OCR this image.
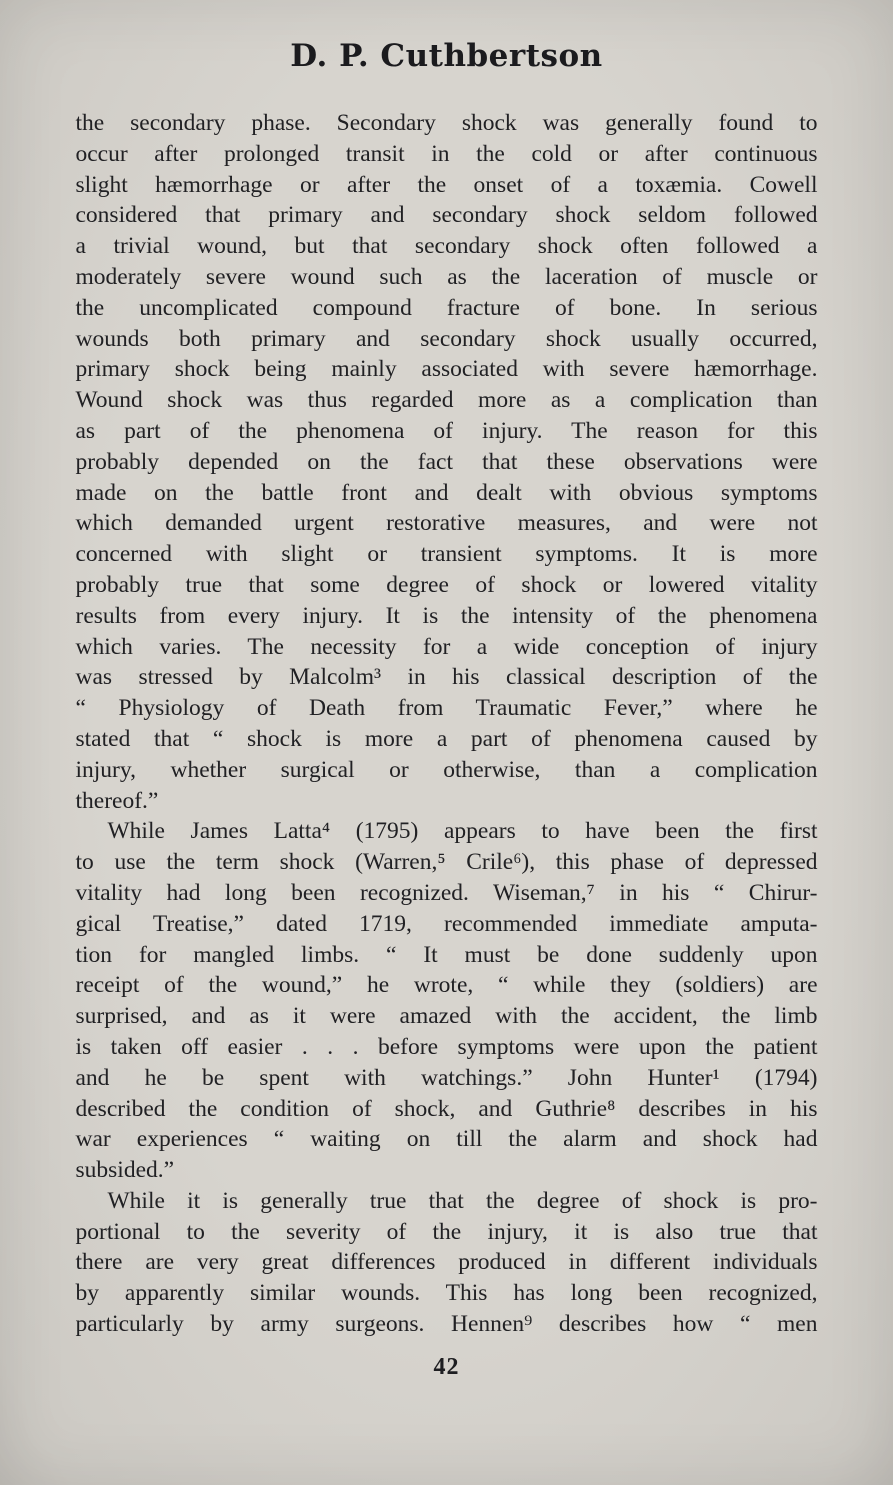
D. P. Cuthbertson
the secondary phase. Secondary shock was generally found to
occur after prolonged transit in the cold or after continuous
slight hæmorrhage or after the onset of a toxæmia. Cowell
considered that primary and secondary shock seldom followed
a trivial wound, but that secondary shock often followed a
moderately severe wound such as the laceration of muscle or
the uncomplicated compound fracture of bone. In serious
wounds both primary and secondary shock usually occurred,
primary shock being mainly associated with severe hæmorrhage.
Wound shock was thus regarded more as a complication than
as part of the phenomena of injury. The reason for this
probably depended on the fact that these observations were
made on the battle front and dealt with obvious symptoms
which demanded urgent restorative measures, and were not
concerned with slight or transient symptoms. It is more
probably true that some degree of shock or lowered vitality
results from every injury. It is the intensity of the phenomena
which varies. The necessity for a wide conception of injury
was stressed by Malcolm³ in his classical description of the
“ Physiology of Death from Traumatic Fever,” where he
stated that “ shock is more a part of phenomena caused by
injury, whether surgical or otherwise, than a complication
thereof.”
While James Latta⁴ (1795) appears to have been the first
to use the term shock (Warren,⁵ Crile⁶), this phase of depressed
vitality had long been recognized. Wiseman,⁷ in his “ Chirur-
gical Treatise,” dated 1719, recommended immediate amputa-
tion for mangled limbs. “ It must be done suddenly upon
receipt of the wound,” he wrote, “ while they (soldiers) are
surprised, and as it were amazed with the accident, the limb
is taken off easier . . . before symptoms were upon the patient
and he be spent with watchings.” John Hunter¹ (1794)
described the condition of shock, and Guthrie⁸ describes in his
war experiences “ waiting on till the alarm and shock had
subsided.”
While it is generally true that the degree of shock is pro-
portional to the severity of the injury, it is also true that
there are very great differences produced in different individuals
by apparently similar wounds. This has long been recognized,
particularly by army surgeons. Hennen⁹ describes how “ men
42
